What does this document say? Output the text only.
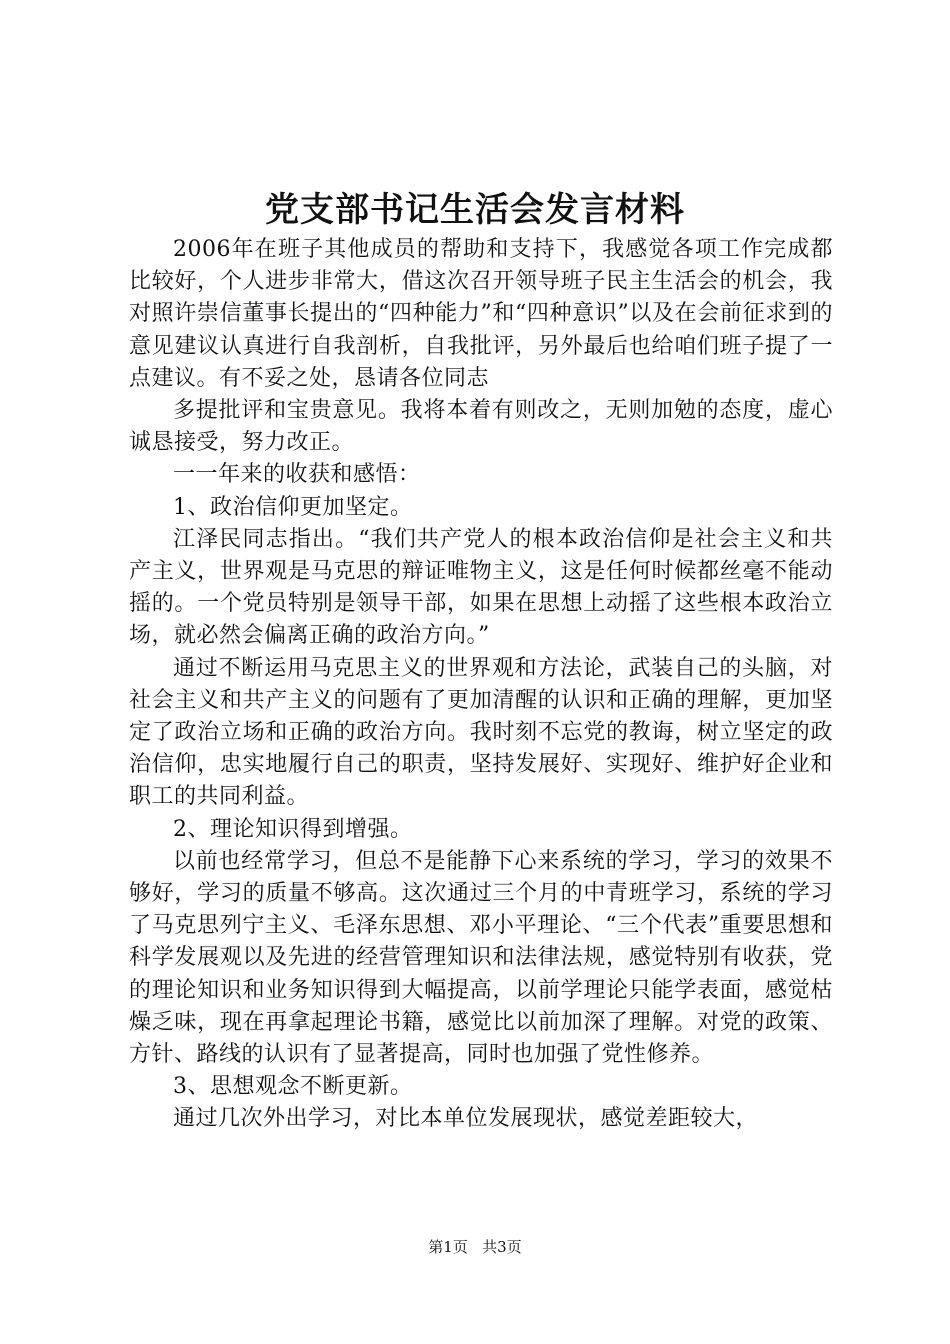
党支部书记生活会发言材料

2006年在班子其他成员的帮助和支持下，我感觉各项工作完成都比较好，个人进步非常大，借这次召开领导班子民主生活会的机会，我对照许崇信董事长提出的“四种能力”和“四种意识”以及在会前征求到的意见建议认真进行自我剖析，自我批评，另外最后也给咱们班子提了一点建议。有不妥之处，恳请各位同志

多提批评和宝贵意见。我将本着有则改之，无则加勉的态度，虚心诚恳接受，努力改正。

一一年来的收获和感悟：

1、政治信仰更加坚定。

江泽民同志指出。“我们共产党人的根本政治信仰是社会主义和共产主义，世界观是马克思的辩证唯物主义，这是任何时候都丝毫不能动摇的。一个党员特别是领导干部，如果在思想上动摇了这些根本政治立场，就必然会偏离正确的政治方向。”

通过不断运用马克思主义的世界观和方法论，武装自己的头脑，对社会主义和共产主义的问题有了更加清醒的认识和正确的理解，更加坚定了政治立场和正确的政治方向。我时刻不忘党的教诲，树立坚定的政治信仰，忠实地履行自己的职责，坚持发展好、实现好、维护好企业和职工的共同利益。

2、理论知识得到增强。

以前也经常学习，但总不是能静下心来系统的学习，学习的效果不够好，学习的质量不够高。这次通过三个月的中青班学习，系统的学习了马克思列宁主义、毛泽东思想、邓小平理论、“三个代表”重要思想和科学发展观以及先进的经营管理知识和法律法规，感觉特别有收获，党的理论知识和业务知识得到大幅提高，以前学理论只能学表面，感觉枯燥乏味，现在再拿起理论书籍，感觉比以前加深了理解。对党的政策、方针、路线的认识有了显著提高，同时也加强了党性修养。

3、思想观念不断更新。

通过几次外出学习，对比本单位发展现状，感觉差距较大，

第1页 共3页
